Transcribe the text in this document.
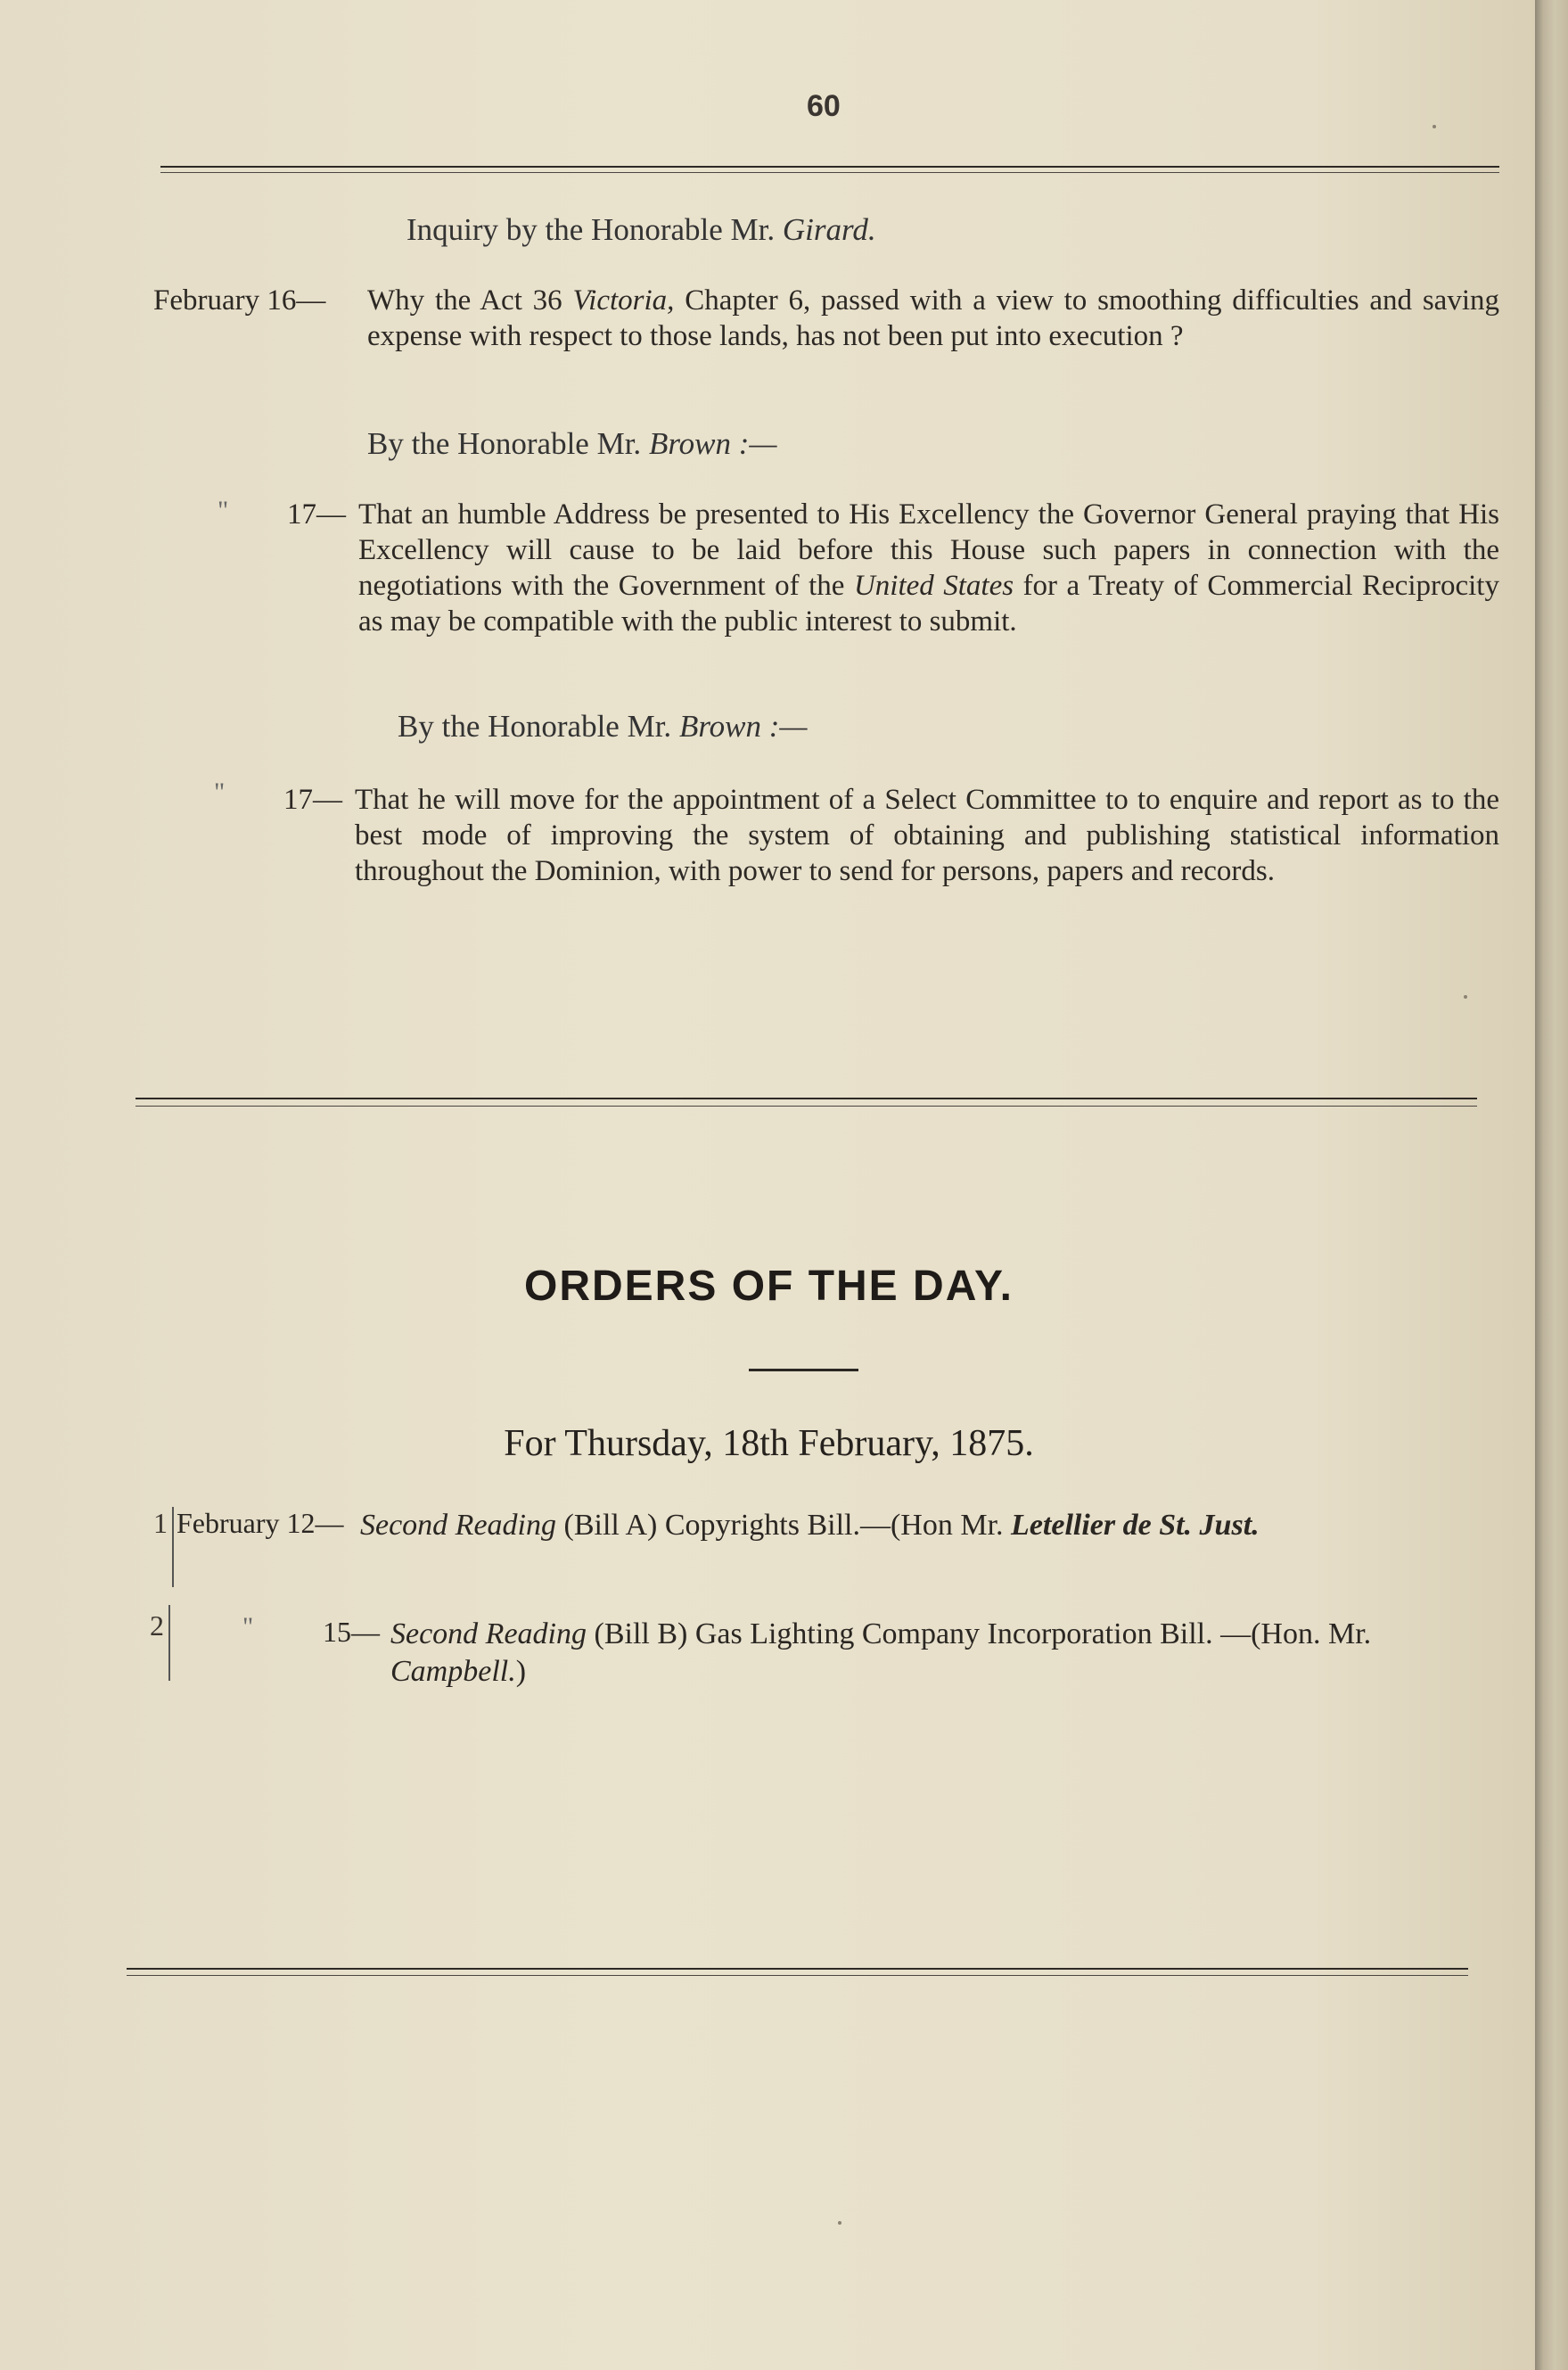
60
Inquiry by the Honorable Mr. Girard.
February 16— Why the Act 36 Victoria, Chapter 6, passed with a view to smoothing difficulties and saving expense with respect to those lands, has not been put into execution ?
By the Honorable Mr. Brown :—
" 17— That an humble Address be presented to His Excellency the Governor General praying that His Excellency will cause to be laid before this House such papers in connection with the negotiations with the Government of the United States for a Treaty of Commercial Reciprocity as may be compatible with the public interest to submit.
By the Honorable Mr. Brown :—
" 17— That he will move for the appointment of a Select Committee to to enquire and report as to the best mode of improving the system of obtaining and publishing statistical information throughout the Dominion, with power to send for persons, papers and records.
ORDERS OF THE DAY.
For Thursday, 18th February, 1875.
1 February 12— Second Reading (Bill A) Copyrights Bill.—(Hon Mr. Letellier de St. Just.
2	" 15— Second Reading (Bill B) Gas Lighting Company Incorporation Bill. —(Hon. Mr. Campbell.)
